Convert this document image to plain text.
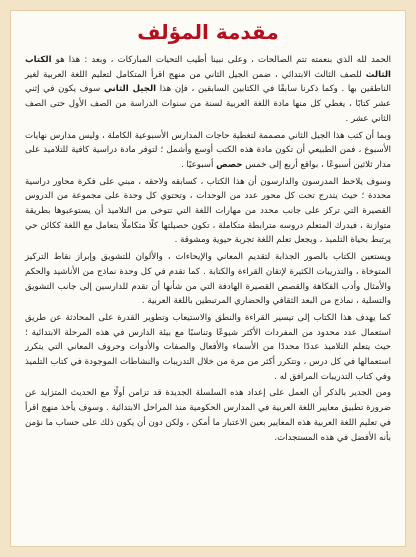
مقدمة المؤلف

الحمد لله الذي بنعمته تتم الصالحات ، وعلى نبينا أطيب التحيات المباركات ، وبعد : هذا هو الكتاب الثالث للصف الثالث الابتدائي ، ضمن الجيل الثاني من منهج اقرأ المتكامل لتعليم اللغة العربية لغير الناطقين بها . وكما ذكرنا سابقًا في الكتابين السابقين ، فإن هذا الجيل الثاني سوف يكون في إثني عشر كتابًا ، يغطي كل منها مادة اللغة العربية لسنة من سنوات الدراسة من الصف الأول حتى الصف الثاني عشر .

وبما أن كتب هذا الجيل الثاني مصممة لتغطية حاجات المدارس الأسبوعية الكاملة ، وليس مدارس نهايات الأسبوع ، فمن الطبيعي أن تكون مادة هذه الكتب أوسع وأشمل ؛ لتوفر مادة دراسية كافية للتلاميذ على مدار ثلاثين أسبوعًا ، بواقع أربع إلى خمس حصص أسبوعيًا .

وسوف يلاحظ المدرسون والدارسون أن هذا الكتاب ، كسابقه ولاحقه ، مبني على فكرة محاور دراسية محددة ؛ حيث يتدرج تحت كل محور عدد من الوحدات ، وتحتوي كل وحدة على مجموعة من الدروس القصيرة التي تركز على جانب محدد من مهارات اللغة التي تتوخى من التلاميذ أن يستوعبوها بطريقة متوازنة ، فيدرك المتعلم دروسه مترابطة متكاملة ، تكون حصيلتها كلًا متكاملًا يتعامل مع اللغة ككائن حي يرتبط بحياة التلميذ ، ويجعل تعلم اللغة تجربة حيوية ومشوقة .

ويستعين الكتاب بالصور الجذابة لتقديم المعاني والإيحاءات ، والألوان للتشويق وإبراز نقاط التركيز المتوخاة ، والتدريبات الكثيرة لإتقان القراءة والكتابة . كما تقدم في كل وحدة نماذج من الأناشيد والحكم والأمثال وأدب الفكاهة والقصص القصيرة الهادفة التي من شأنها أن تقدم للدارسين إلى جانب التشويق والتسلية ، نماذج من البعد الثقافي والحضاري المرتبطين باللغة العربية .

كما يهدف هذا الكتاب إلى تيسير القراءة والنطق والاستيعاب وتطوير القدرة على المحادثة عن طريق استعمال عدد محدود من المفردات الأكثر شيوعًا وتناسبًا مع بيئة الدارس في هذه المرحلة الابتدائية ؛ حيث يتعلم التلاميذ عددًا محددًا من الأسماء والأفعال والصفات والأدوات وحروف المعاني التي يتكرر استعمالها في كل درس ، وتتكرر أكثر من مرة من خلال التدريبات والنشاطات الموجودة في كتاب التلميذ وفي كتاب التدريبات المرافق له .

ومن الجدير بالذكر أن العمل على إعداد هذه السلسلة الجديدة قد تزامن أولًا مع الحديث المتزايد عن ضرورة تطبيق معايير اللغة العربية في المدارس الحكومية منذ المراحل الابتدائية . وسوف يأخذ منهج اقرأ في تعليم اللغة العربية هذه المعايير بعين الاعتبار ما أمكن ، ولكن دون أن يكون ذلك على حساب ما نؤمن بأنه الأفضل في هذه المستجدات.
